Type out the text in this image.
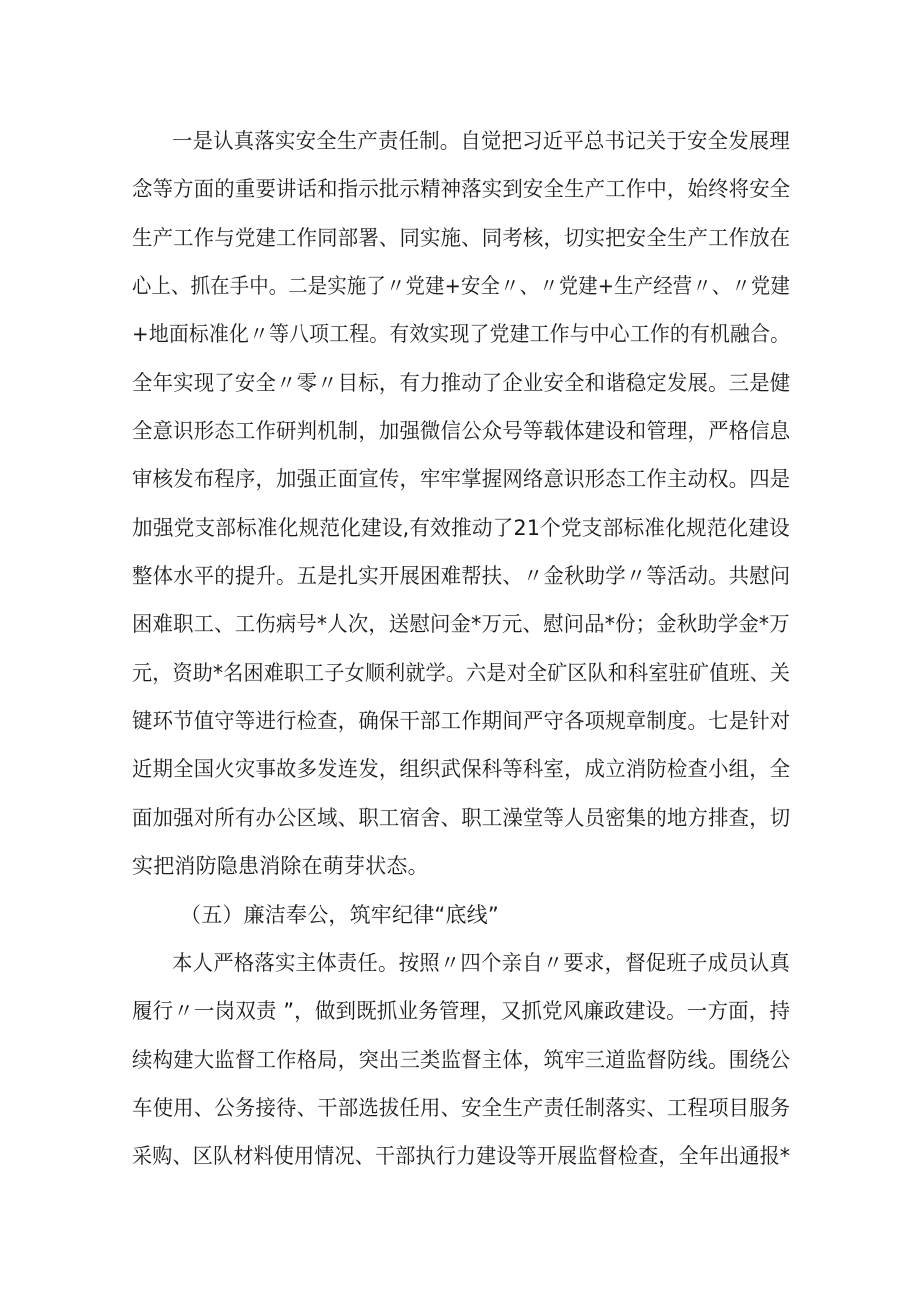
一是认真落实安全生产责任制。自觉把习近平总书记关于安全发展理
念等方面的重要讲话和指示批示精神落实到安全生产工作中，始终将安全
生产工作与党建工作同部署、同实施、同考核，切实把安全生产工作放在
心上、抓在手中。二是实施了〃党建+安全〃、〃党建+生产经营〃、〃党建
+地面标准化〃等八项工程。有效实现了党建工作与中心工作的有机融合。
全年实现了安全〃零〃目标，有力推动了企业安全和谐稳定发展。三是健
全意识形态工作研判机制，加强微信公众号等载体建设和管理，严格信息
审核发布程序，加强正面宣传，牢牢掌握网络意识形态工作主动权。四是
加强党支部标准化规范化建设,有效推动了21个党支部标准化规范化建设
整体水平的提升。五是扎实开展困难帮扶、〃金秋助学〃等活动。共慰问
困难职工、工伤病号*人次，送慰问金*万元、慰问品*份；金秋助学金*万
元，资助*名困难职工子女顺利就学。六是对全矿区队和科室驻矿值班、关
键环节值守等进行检查，确保干部工作期间严守各项规章制度。七是针对
近期全国火灾事故多发连发，组织武保科等科室，成立消防检查小组，全
面加强对所有办公区域、职工宿舍、职工澡堂等人员密集的地方排查，切
实把消防隐患消除在萌芽状态。
（五）廉洁奉公，筑牢纪律“底线”
本人严格落实主体责任。按照〃四个亲自〃要求，督促班子成员认真
履行〃一岗双责 ”，做到既抓业务管理，又抓党风廉政建设。一方面，持
续构建大监督工作格局，突出三类监督主体，筑牢三道监督防线。围绕公
车使用、公务接待、干部选拔任用、安全生产责任制落实、工程项目服务
采购、区队材料使用情况、干部执行力建设等开展监督检查，全年出通报*
